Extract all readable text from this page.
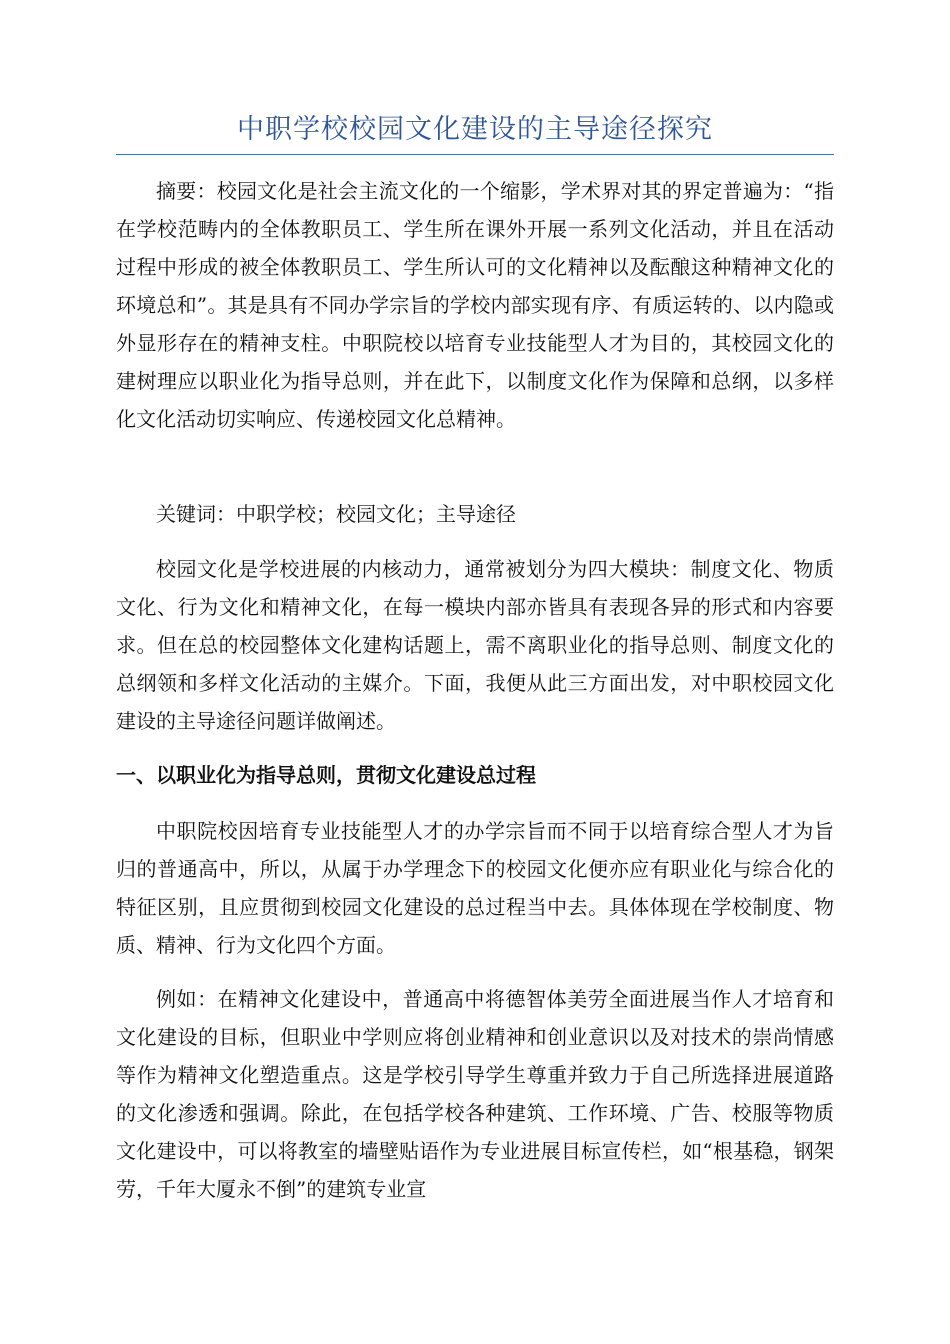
中职学校校园文化建设的主导途径探究

摘要：校园文化是社会主流文化的一个缩影，学术界对其的界定普遍为：“指在学校范畴内的全体教职员工、学生所在课外开展一系列文化活动，并且在活动过程中形成的被全体教职员工、学生所认可的文化精神以及酝酿这种精神文化的环境总和”。其是具有不同办学宗旨的学校内部实现有序、有质运转的、以内隐或外显形存在的精神支柱。中职院校以培育专业技能型人才为目的，其校园文化的建树理应以职业化为指导总则，并在此下，以制度文化作为保障和总纲，以多样化文化活动切实响应、传递校园文化总精神。

关键词：中职学校；校园文化；主导途径

校园文化是学校进展的内核动力，通常被划分为四大模块：制度文化、物质文化、行为文化和精神文化，在每一模块内部亦皆具有表现各异的形式和内容要求。但在总的校园整体文化建构话题上，需不离职业化的指导总则、制度文化的总纲领和多样文化活动的主媒介。下面，我便从此三方面出发，对中职校园文化建设的主导途径问题详做阐述。

一、以职业化为指导总则，贯彻文化建设总过程

中职院校因培育专业技能型人才的办学宗旨而不同于以培育综合型人才为旨归的普通高中，所以，从属于办学理念下的校园文化便亦应有职业化与综合化的特征区别，且应贯彻到校园文化建设的总过程当中去。具体体现在学校制度、物质、精神、行为文化四个方面。

例如：在精神文化建设中，普通高中将德智体美劳全面进展当作人才培育和文化建设的目标，但职业中学则应将创业精神和创业意识以及对技术的崇尚情感等作为精神文化塑造重点。这是学校引导学生尊重并致力于自己所选择进展道路的文化渗透和强调。除此，在包括学校各种建筑、工作环境、广告、校服等物质文化建设中，可以将教室的墙壁贴语作为专业进展目标宣传栏，如“根基稳，钢架劳，千年大厦永不倒”的建筑专业宣
